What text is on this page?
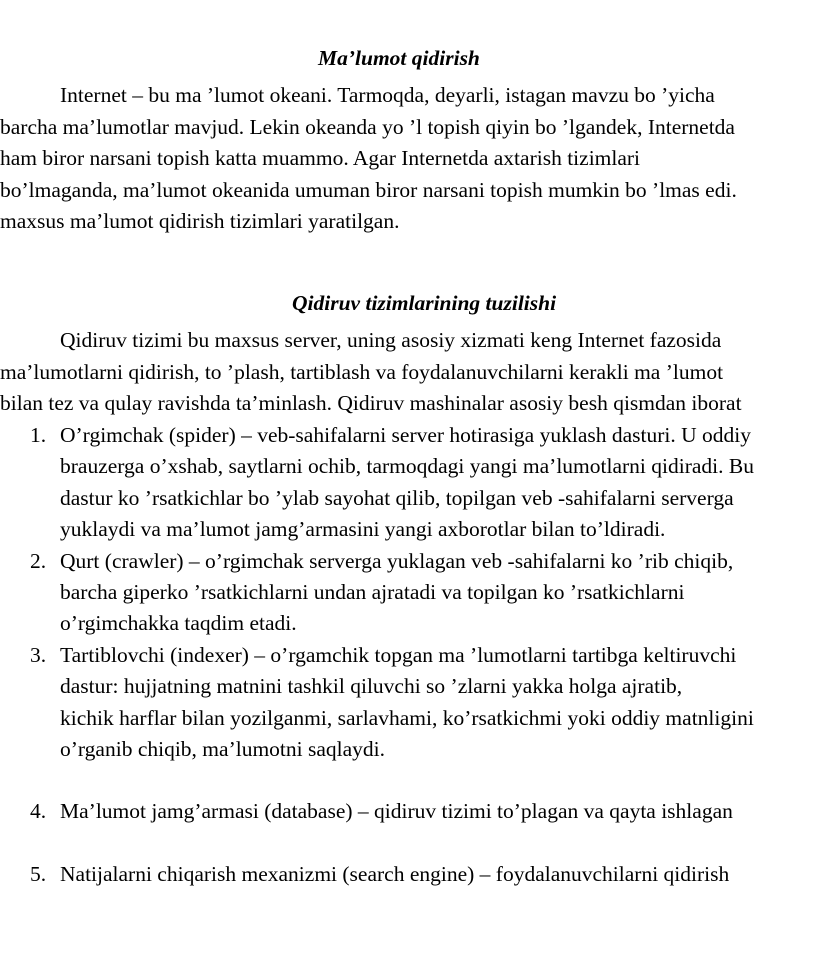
Ma’lumot qidirish
Internet – bu ma ’lumot okeani. Tarmoqda, deyarli, istagan mavzu bo ’yicha
barcha ma’lumotlar mavjud. Lekin okeanda yo ’l topish qiyin bo ’lgandek, Internetda
ham biror narsani topish katta muammo. Agar Internetda axtarish tizimlari
bo’lmaganda, ma’lumot okeanida umuman biror narsani topish mumkin bo ’lmas edi.
maxsus ma’lumot qidirish tizimlari yaratilgan.
Qidiruv tizimlarining tuzilishi
Qidiruv tizimi bu maxsus server, uning asosiy xizmati keng Internet fazosida
ma’lumotlarni qidirish, to ’plash, tartiblash va foydalanuvchilarni kerakli ma ’lumot
bilan tez va qulay ravishda ta’minlash. Qidiruv mashinalar asosiy besh qismdan iborat
1. O’rgimchak (spider) – veb-sahifalarni server hotirasiga yuklash dasturi. U oddiy
brauzerga o’xshab, saytlarni ochib, tarmoqdagi yangi ma’lumotlarni qidiradi. Bu
dastur ko ’rsatkichlar bo ’ylab sayohat qilib, topilgan veb -sahifalarni serverga
yuklaydi va ma’lumot jamg’armasini yangi axborotlar bilan to’ldiradi.
2. Qurt (crawler) – o’rgimchak serverga yuklagan veb -sahifalarni ko ’rib chiqib,
barcha giperko ’rsatkichlarni undan ajratadi va topilgan ko ’rsatkichlarni
o’rgimchakka taqdim etadi.
3. Tartiblovchi (indexer) – o’rgamchik topgan ma ’lumotlarni tartibga keltiruvchi
dastur: hujjatning matnini tashkil qiluvchi so ’zlarni yakka holga ajratib,
kichik harflar bilan yozilganmi, sarlavhami, ko’rsatkichmi yoki oddiy matnligini
o’rganib chiqib, ma’lumotni saqlaydi.
4. Ma’lumot jamg’armasi (database) – qidiruv tizimi to’plagan va qayta ishlagan
5. Natijalarni chiqarish mexanizmi (search engine) – foydalanuvchilarni qidirish
